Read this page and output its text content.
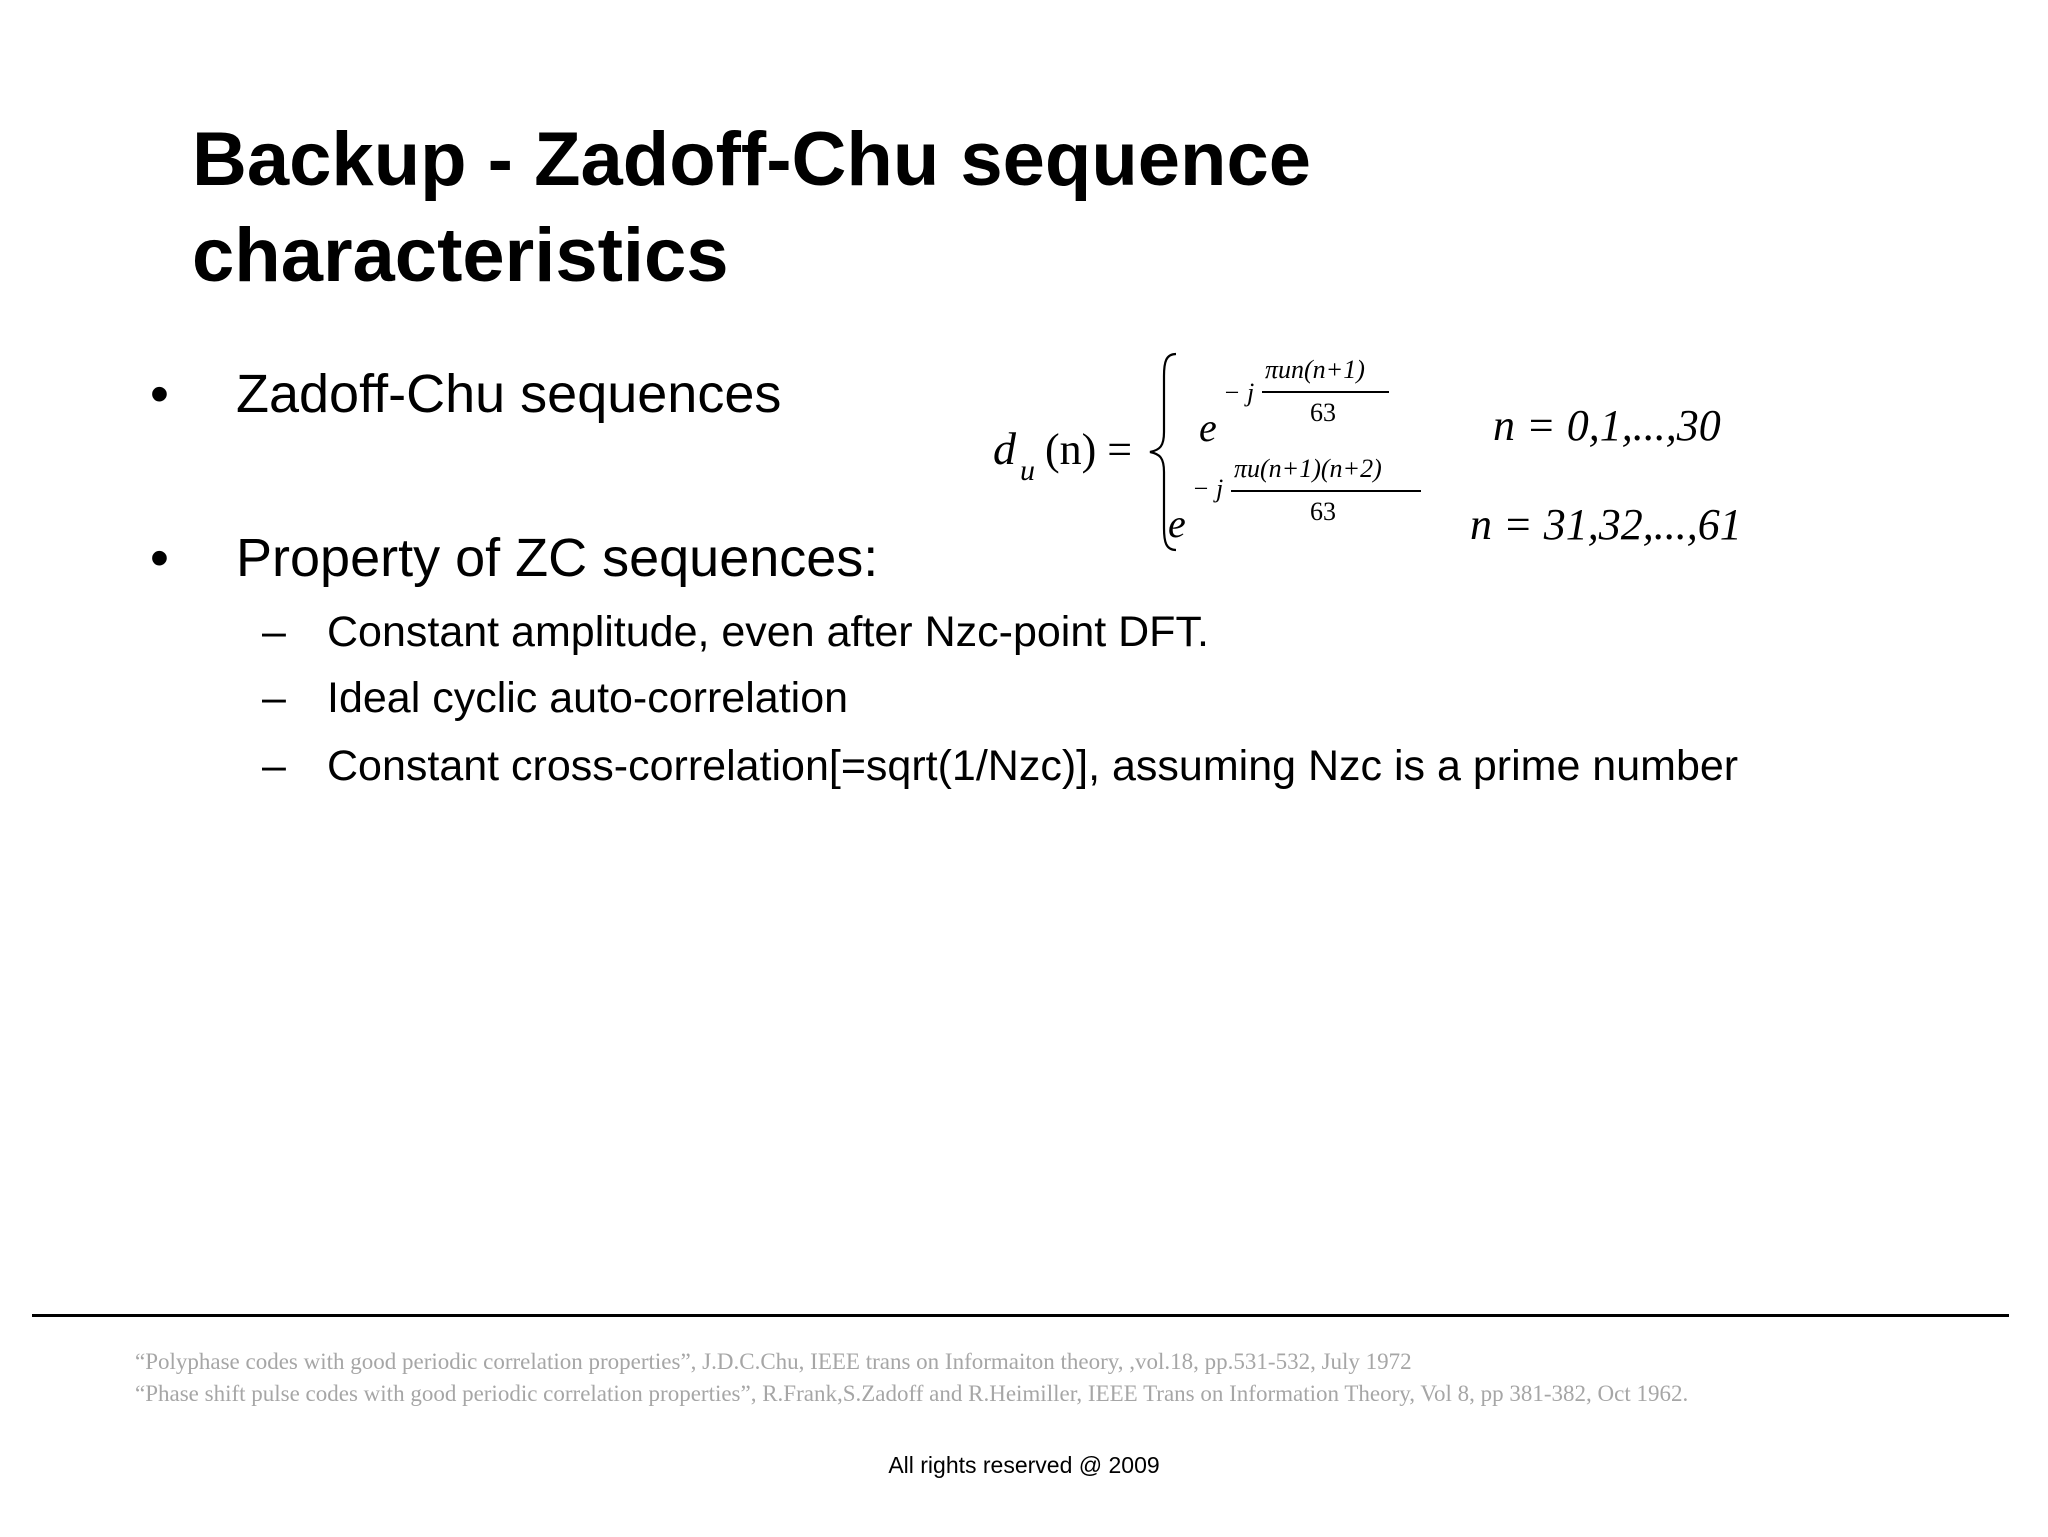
Backup - Zadoff-Chu sequence
characteristics
• Zadoff-Chu sequences
• Property of ZC sequences:
– Constant amplitude, even after Nzc-point DFT.
– Ideal cyclic auto-correlation
– Constant cross-correlation[=sqrt(1/Nzc)], assuming Nzc is a prime number
d u (n) = e
− j
πun(n+1)
63	n = 0,1,...,30
e
− j
πu(n+1)(n+2)
63	n = 31,32,...,61
“Polyphase codes with good periodic correlation properties”, J.D.C.Chu, IEEE trans on Informaiton theory, ,vol.18, pp.531-532, July 1972
“Phase shift pulse codes with good periodic correlation properties”, R.Frank,S.Zadoff and R.Heimiller, IEEE Trans on Information Theory, Vol 8, pp 381-382, Oct 1962.
All rights reserved @ 2009
